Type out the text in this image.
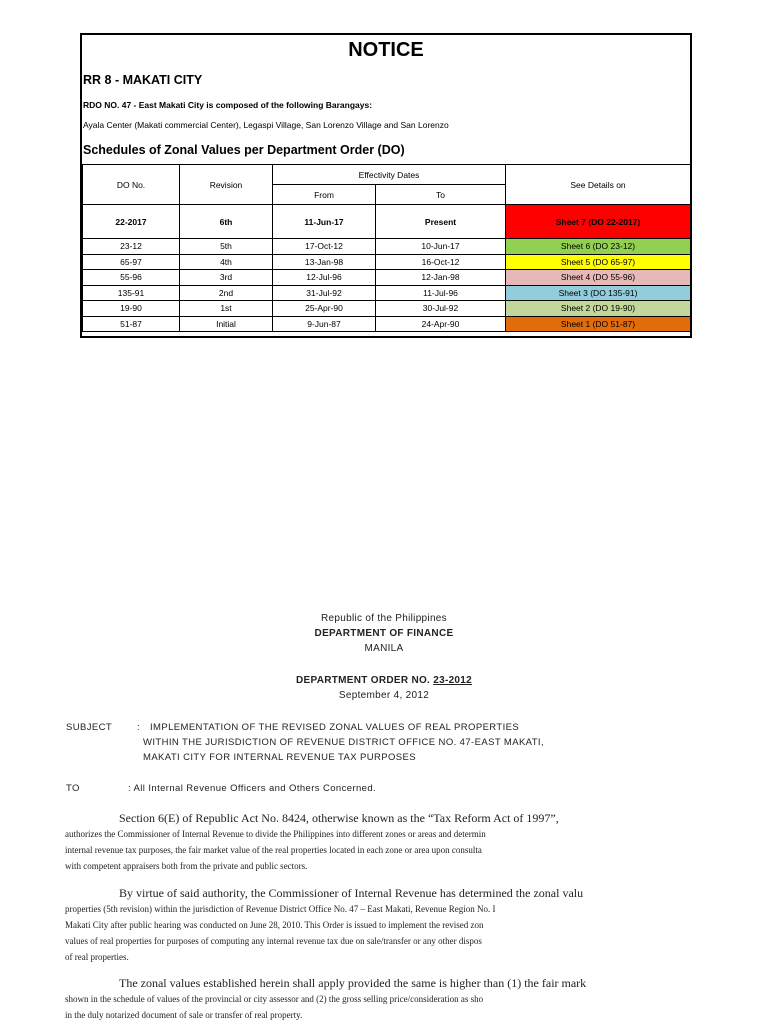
NOTICE
RR 8 - MAKATI CITY
RDO NO. 47 - East Makati City is composed of the following Barangays:
Ayala Center (Makati commercial Center), Legaspi Village, San Lorenzo Village and San Lorenzo
Schedules of Zonal Values per Department Order (DO)
DO No.	Revision	Effectivity Dates		See Details on
		From	To	
22-2017	6th	11-Jun-17	Present	Sheet 7 (DO 22-2017)
23-12	5th	17-Oct-12	10-Jun-17	Sheet 6 (DO 23-12)
65-97	4th	13-Jan-98	16-Oct-12	Sheet 5 (DO 65-97)
55-96	3rd	12-Jul-96	12-Jan-98	Sheet 4 (DO 55-96)
135-91	2nd	31-Jul-92	11-Jul-96	Sheet 3 (DO 135-91)
19-90	1st	25-Apr-90	30-Jul-92	Sheet 2 (DO 19-90)
51-87	Initial	9-Jun-87	24-Apr-90	Sheet 1 (DO 51-87)
Republic of the Philippines
DEPARTMENT OF FINANCE
MANILA
DEPARTMENT ORDER NO. 23-2012
September 4, 2012
SUBJECT	: IMPLEMENTATION OF THE REVISED ZONAL VALUES OF REAL PROPERTIES
WITHIN THE JURISDICTION OF REVENUE DISTRICT OFFICE NO. 47-EAST MAKATI,
MAKATI CITY FOR INTERNAL REVENUE TAX PURPOSES
TO	: All Internal Revenue Officers and Others Concerned.
Section 6(E) of Republic Act No. 8424, otherwise known as the “Tax Reform Act of 1997”,
authorizes the Commissioner of Internal Revenue to divide the Philippines into different zones or areas and determin
internal revenue tax purposes, the fair market value of the real properties located in each zone or area upon consulta
with competent appraisers both from the private and public sectors.
By virtue of said authority, the Commissioner of Internal Revenue has determined the zonal valu
properties (5th revision) within the jurisdiction of Revenue District Office No. 47 – East Makati, Revenue Region No. I
Makati City after public hearing was conducted on June 28, 2010. This Order is issued to implement the revised zon
values of real properties for purposes of computing any internal revenue tax due on sale/transfer or any other dispos
of real properties.
The zonal values established herein shall apply provided the same is higher than (1) the fair mark
shown in the schedule of values of the provincial or city assessor and (2) the gross selling price/consideration as sho
in the duly notarized document of sale or transfer of real property.
